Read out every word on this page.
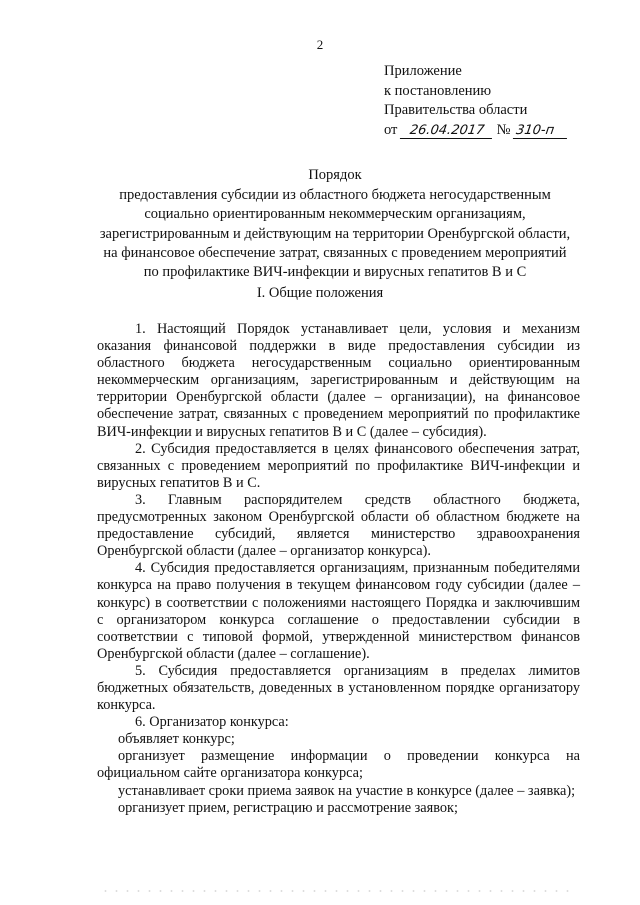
2
Приложение
к постановлению
Правительства области
от 26.04.2017 № 310-п
Порядок
предоставления субсидии из областного бюджета негосударственным
социально ориентированным некоммерческим организациям,
зарегистрированным и действующим на территории Оренбургской области,
на финансовое обеспечение затрат, связанных с проведением мероприятий
по профилактике ВИЧ-инфекции и вирусных гепатитов В и С
I. Общие положения

1. Настоящий Порядок устанавливает цели, условия и механизм оказания финансовой поддержки в виде предоставления субсидии из областного бюджета негосударственным социально ориентированным некоммерческим организациям, зарегистрированным и действующим на территории Оренбургской области (далее – организации), на финансовое обеспечение затрат, связанных с проведением мероприятий по профилактике ВИЧ-инфекции и вирусных гепатитов В и С (далее – субсидия).

2. Субсидия предоставляется в целях финансового обеспечения затрат, связанных с проведением мероприятий по профилактике ВИЧ-инфекции и вирусных гепатитов В и С.

3. Главным распорядителем средств областного бюджета, предусмотренных законом Оренбургской области об областном бюджете на предоставление субсидий, является министерство здравоохранения Оренбургской области (далее – организатор конкурса).

4. Субсидия предоставляется организациям, признанным победителями конкурса на право получения в текущем финансовом году субсидии (далее – конкурс) в соответствии с положениями настоящего Порядка и заключившим с организатором конкурса соглашение о предоставлении субсидии в соответствии с типовой формой, утвержденной министерством финансов Оренбургской области (далее – соглашение).

5. Субсидия предоставляется организациям в пределах лимитов бюджетных обязательств, доведенных в установленном порядке организатору конкурса.

6. Организатор конкурса:

объявляет конкурс;

организует размещение информации о проведении конкурса на официальном сайте организатора конкурса;

устанавливает сроки приема заявок на участие в конкурсе (далее – заявка);

организует прием, регистрацию и рассмотрение заявок;
